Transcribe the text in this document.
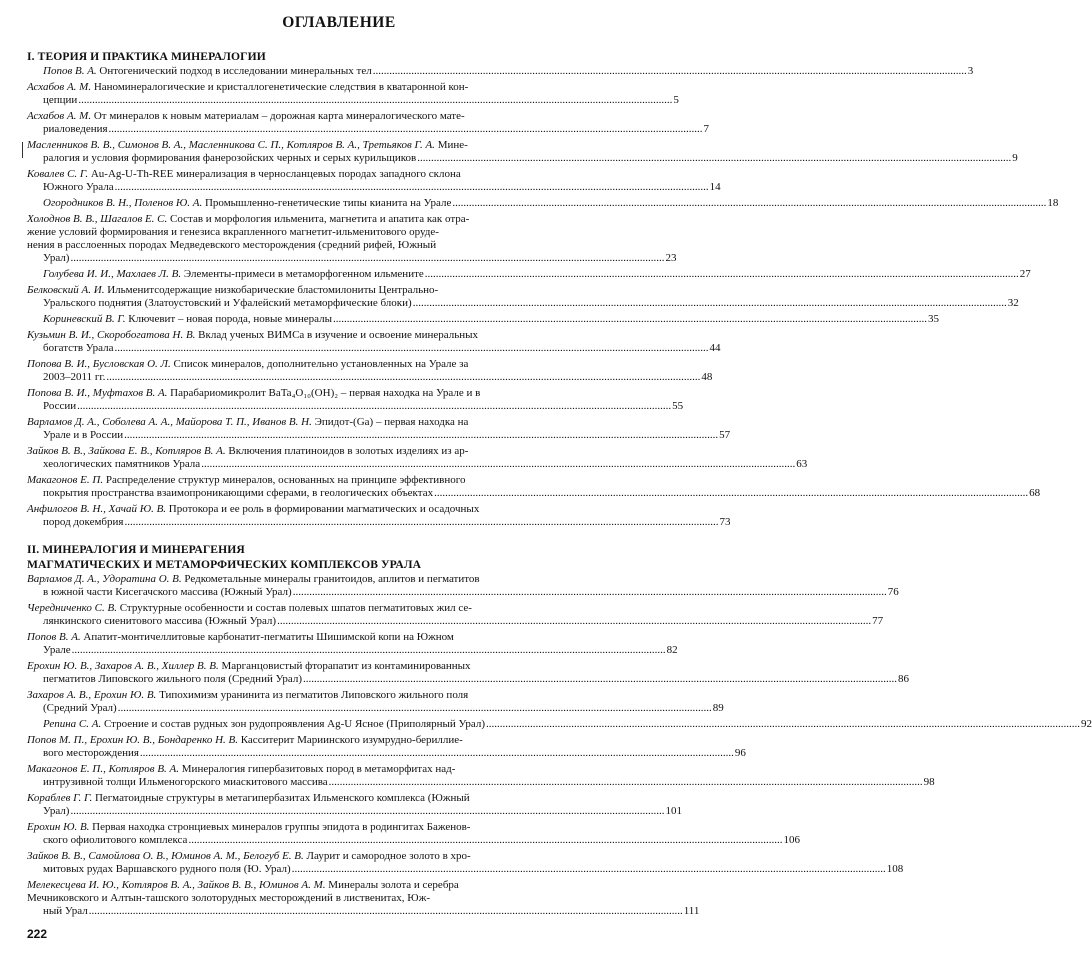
ОГЛАВЛЕНИЕ
I. ТЕОРИЯ И ПРАКТИКА МИНЕРАЛОГИИ
Попов В. А. Онтогенический подход в исследовании минеральных тел .....	3
Асхабов А. М. Наноминералогические и кристаллогенетические следствия в кватаронной кон-
цепции .....	5
Асхабов А. М. От минералов к новым материалам – дорожная карта минералогического мате-
риаловедения .....	7
Масленников В. В., Симонов В. А., Масленникова С. П., Котляров В. А., Третьяков Г. А. Мине-
ралогия и условия формирования фанерозойских черных и серых курильщиков .....	9
Ковалев С. Г. Au-Ag-U-Th-REE минерализация в черносланцевых породах западного склона
Южного Урала .....	14
Огородников В. Н., Поленов Ю. А. Промышленно-генетические типы кианита на Урале .....	18
Холоднов В. В., Шагалов Е. С. Состав и морфология ильменита, магнетита и апатита как отра-
жение условий формирования и генезиса вкрапленного магнетит-ильменитового оруде-
нения в расслоенных породах Медведевского месторождения (средний рифей, Южный
Урал) .....	23
Голубева И. И., Махлаев Л. В. Элементы-примеси в метаморфогенном ильмените .....	27
Белковский А. И. Ильменитсодержащие низкобарические бластомилониты Центрально-
Уральского поднятия (Златоустовский и Уфалейский метаморфические блоки) .....	32
Кориневский В. Г. Ключевит – новая порода, новые минералы .....	35
Кузьмин В. И., Скоробогатова Н. В. Вклад ученых ВИМСа в изучение и освоение минеральных
богатств Урала .....	44
Попова В. И., Бусловская О. Л. Список минералов, дополнительно установленных на Урале за
2003–2011 гг. .....	48
Попова В. И., Муфтахов В. А. Парабариомикролит BaTa₄O₁₀(OH)₂ – первая находка на Урале и в
России .....	55
Варламов Д. А., Соболева А. А., Майорова Т. П., Иванов В. Н. Эпидот-(Ga) – первая находка на
Урале и в России .....	57
Зайков В. В., Зайкова Е. В., Котляров В. А. Включения платиноидов в золотых изделиях из ар-
хеологических памятников Урала .....	63
Макагонов Е. П. Распределение структур минералов, основанных на принципе эффективного
покрытия пространства взаимопроникающими сферами, в геологических объектах .....	68
Анфилогов В. Н., Хачай Ю. В. Протокора и ее роль в формировании магматических и осадочных
пород докембрия .....	73
II. МИНЕРАЛОГИЯ И МИНЕРАГЕНИЯ
МАГМАТИЧЕСКИХ И МЕТАМОРФИЧЕСКИХ КОМПЛЕКСОВ УРАЛА
Варламов Д. А., Удоратина О. В. Редкометальные минералы гранитоидов, аплитов и пегматитов
в южной части Кисегачского массива (Южный Урал) .....	76
Чередниченко С. В. Структурные особенности и состав полевых шпатов пегматитовых жил се-
лянкинского сиенитового массива (Южный Урал) .....	77
Попов В. А. Апатит-монтичеллитовые карбонатит-пегматиты Шишимской копи на Южном
Урале .....	82
Ерохин Ю. В., Захаров А. В., Хиллер В. В. Марганцовистый фторапатит из контаминированных
пегматитов Липовского жильного поля (Средний Урал) .....	86
Захаров А. В., Ерохин Ю. В. Типохимизм уранинита из пегматитов Липовского жильного поля
(Средний Урал) .....	89
Репина С. А. Строение и состав рудных зон рудопроявления Ag-U Ясное (Приполярный Урал) .....	92
Попов М. П., Ерохин Ю. В., Бондаренко Н. В. Касситерит Мариинского изумрудно-бериллие-
вого месторождения .....	96
Макагонов Е. П., Котляров В. А. Минералогия гипербазитовых пород в метаморфитах над-
интрузивной толщи Ильменогорского миаскитового массива .....	98
Кораблев Г. Г. Пегматоидные структуры в метагипербазитах Ильменского комплекса (Южный
Урал) .....	101
Ерохин Ю. В. Первая находка стронциевых минералов группы эпидота в родингитах Баженов-
ского офиолитового комплекса .....	106
Зайков В. В., Самойлова О. В., Юминов А. М., Белогуб Е. В. Лаурит и самородное золото в хро-
митовых рудах Варшавского рудного поля (Ю. Урал) .....	108
Мелекесцева И. Ю., Котляров В. А., Зайков В. В., Юминов А. М. Минералы золота и серебра
Мечниковского и Алтын-ташского золоторудных месторождений в лиственитах, Юж-
ный Урал .....	111
222
